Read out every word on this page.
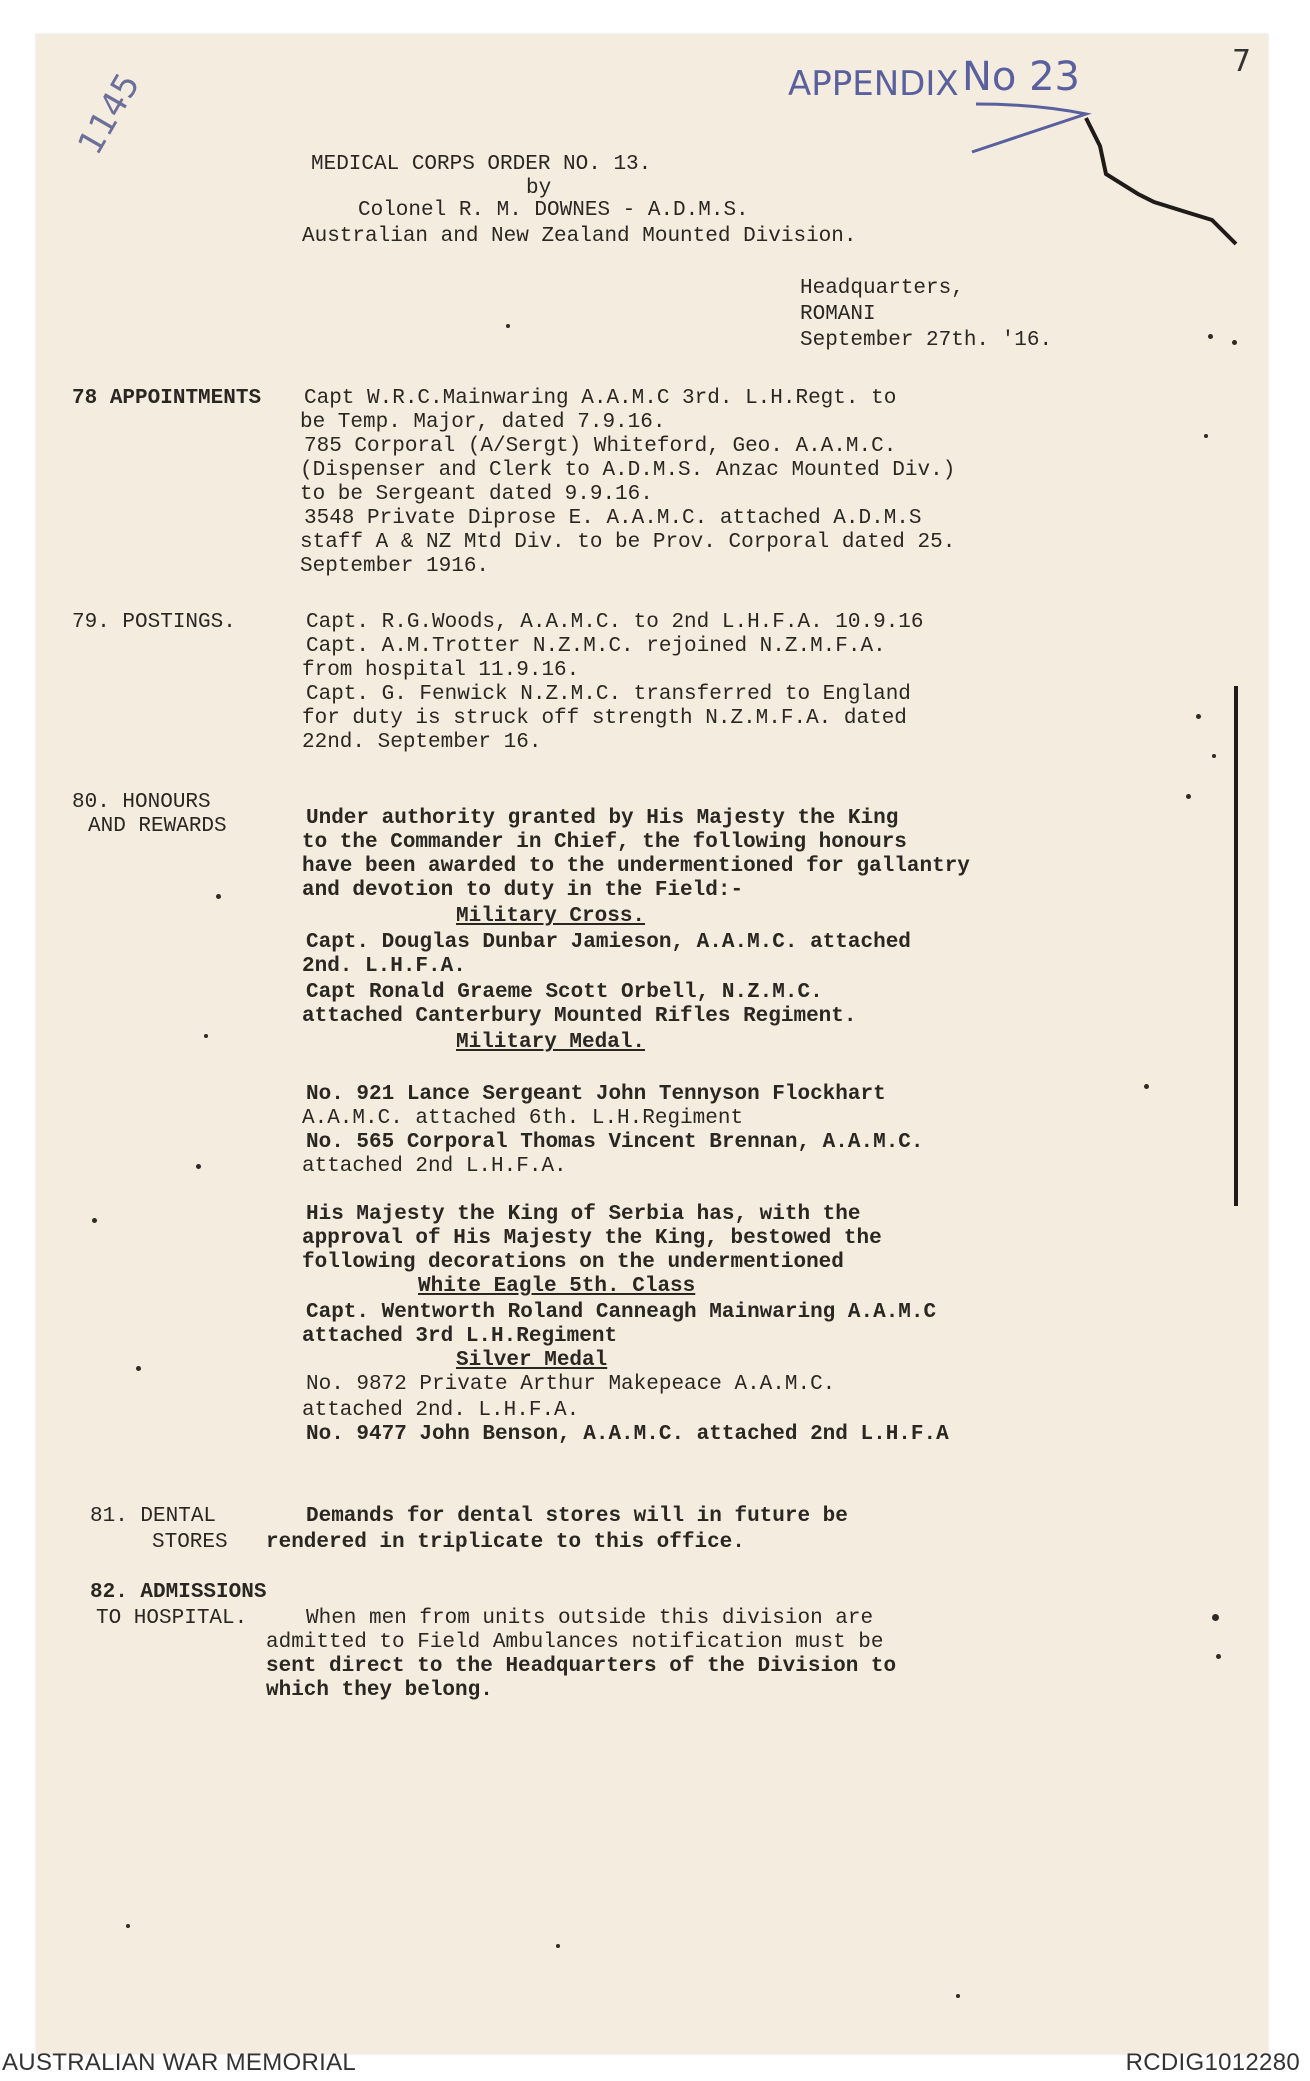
1145	APPENDIX No 23	7

MEDICAL CORPS ORDER NO. 13.

by

Colonel R. M. DOWNES - A.D.M.S.

Australian and New Zealand Mounted Division.

Headquarters,

ROMANI

September 27th. '16.

78 APPOINTMENTS Capt W.R.C.Mainwaring A.A.M.C 3rd. L.H.Regt. to

be Temp. Major, dated 7.9.16.

785 Corporal (A/Sergt) Whiteford, Geo. A.A.M.C.

(Dispenser and Clerk to A.D.M.S. Anzac Mounted Div.)

to be Sergeant dated 9.9.16.

3548 Private Diprose E. A.A.M.C. attached A.D.M.S

staff A & NZ Mtd Div. to be Prov. Corporal dated 25.

September 1916.

79. POSTINGS.	Capt. R.G.Woods, A.A.M.C. to 2nd L.H.F.A. 10.9.16

Capt. A.M.Trotter N.Z.M.C. rejoined N.Z.M.F.A.

from hospital 11.9.16.

Capt. G. Fenwick N.Z.M.C. transferred to England

for duty is struck off strength N.Z.M.F.A. dated

22nd. September 16.

80. HONOURS

AND REWARDS	Under authority granted by His Majesty the King

to the Commander in Chief, the following honours

have been awarded to the undermentioned for gallantry

and devotion to duty in the Field:-

Military Cross.

Capt. Douglas Dunbar Jamieson, A.A.M.C. attached

2nd. L.H.F.A.

Capt Ronald Graeme Scott Orbell, N.Z.M.C.

attached Canterbury Mounted Rifles Regiment.

Military Medal.

No. 921 Lance Sergeant John Tennyson Flockhart

A.A.M.C. attached 6th. L.H.Regiment

No. 565 Corporal Thomas Vincent Brennan, A.A.M.C.

attached 2nd L.H.F.A.

His Majesty the King of Serbia has, with the

approval of His Majesty the King, bestowed the

following decorations on the undermentioned

White Eagle 5th. Class

Capt. Wentworth Roland Canneagh Mainwaring A.A.M.C

attached 3rd L.H.Regiment

Silver Medal

No. 9872 Private Arthur Makepeace A.A.M.C.

attached 2nd. L.H.F.A.

No. 9477 John Benson, A.A.M.C. attached 2nd L.H.F.A

81. DENTAL

STORES

Demands for dental stores will in future be

rendered in triplicate to this office.

82. ADMISSIONS

TO HOSPITAL.	When men from units outside this division are

admitted to Field Ambulances notification must be

sent direct to the Headquarters of the Division to

which they belong.

AUSTRALIAN WAR MEMORIAL	RCDIG1012280
